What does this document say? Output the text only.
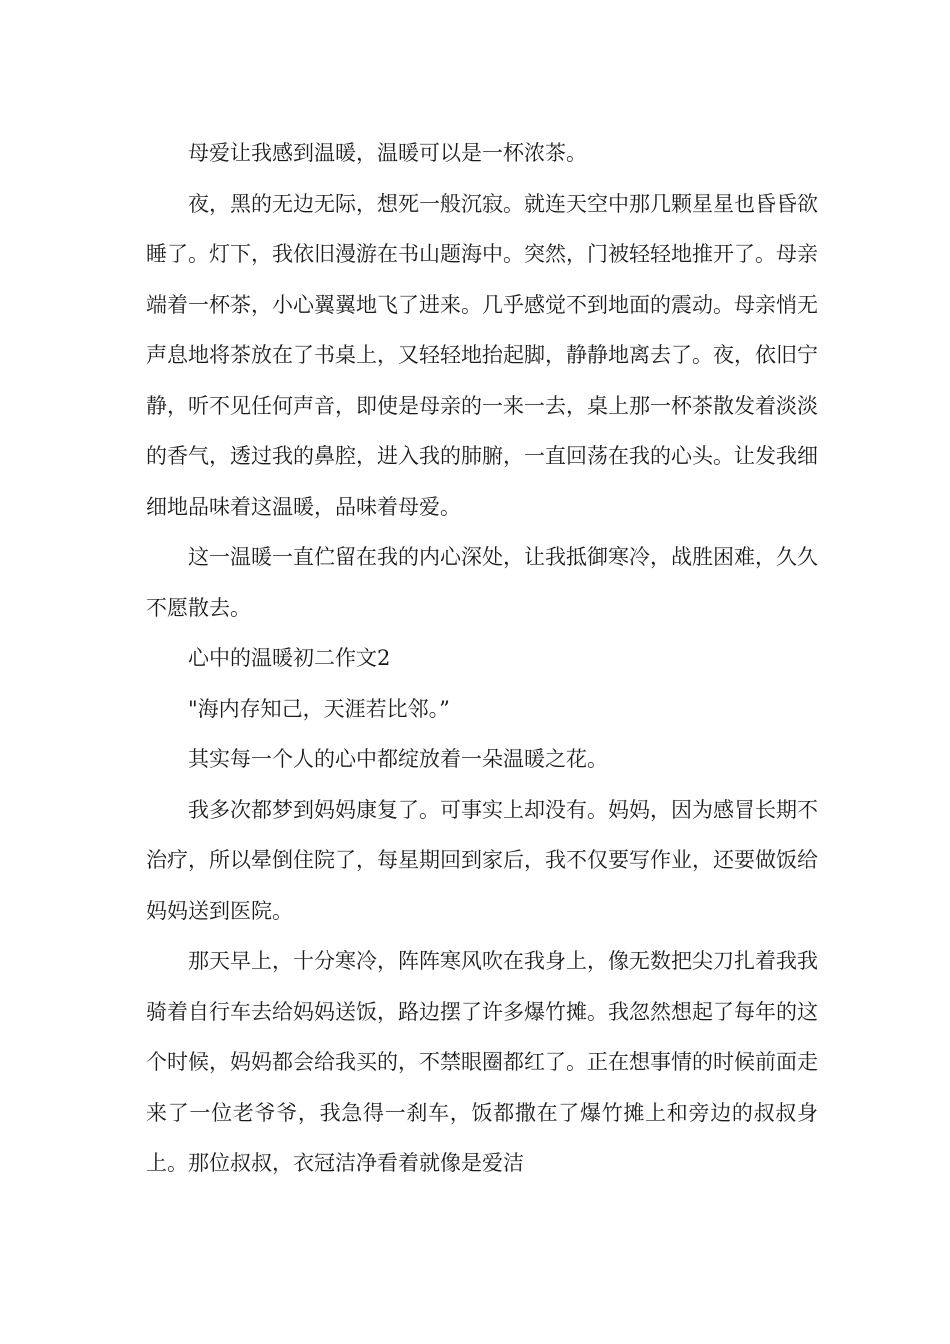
母爱让我感到温暖，温暖可以是一杯浓茶。

夜，黑的无边无际，想死一般沉寂。就连天空中那几颗星星也昏昏欲睡了。灯下，我依旧漫游在书山题海中。突然，门被轻轻地推开了。母亲端着一杯茶，小心翼翼地飞了进来。几乎感觉不到地面的震动。母亲悄无声息地将茶放在了书桌上，又轻轻地抬起脚，静静地离去了。夜，依旧宁静，听不见任何声音，即使是母亲的一来一去，桌上那一杯茶散发着淡淡的香气，透过我的鼻腔，进入我的肺腑，一直回荡在我的心头。让发我细细地品味着这温暖，品味着母爱。

这一温暖一直伫留在我的内心深处，让我抵御寒冷，战胜困难，久久不愿散去。

心中的温暖初二作文2

"海内存知己，天涯若比邻。”

其实每一个人的心中都绽放着一朵温暖之花。

我多次都梦到妈妈康复了。可事实上却没有。妈妈，因为感冒长期不治疗，所以晕倒住院了，每星期回到家后，我不仅要写作业，还要做饭给妈妈送到医院。

那天早上，十分寒冷，阵阵寒风吹在我身上，像无数把尖刀扎着我我骑着自行车去给妈妈送饭，路边摆了许多爆竹摊。我忽然想起了每年的这个时候，妈妈都会给我买的，不禁眼圈都红了。正在想事情的时候前面走来了一位老爷爷，我急得一刹车，饭都撒在了爆竹摊上和旁边的叔叔身上。那位叔叔，衣冠洁净看着就像是爱洁
